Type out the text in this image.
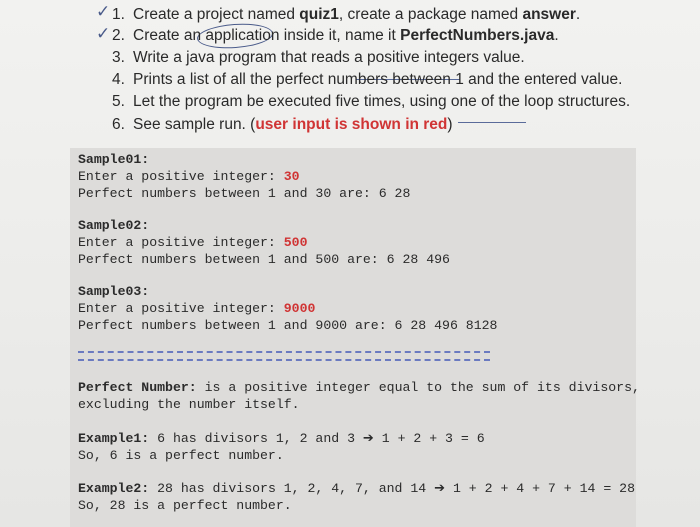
✓
✓
1. Create a project named quiz1, create a package named answer.
2. Create an application inside it, name it PerfectNumbers.java.
3. Write a java program that reads a positive integers value.
4. Prints a list of all the perfect numbers between 1 and the entered value.
5. Let the program be executed five times, using one of the loop structures.
6. See sample run. (user input is shown in red)
Sample01:
Enter a positive integer: 30
Perfect numbers between 1 and 30 are: 6 28
Sample02:
Enter a positive integer: 500
Perfect numbers between 1 and 500 are: 6 28 496
Sample03:
Enter a positive integer: 9000
Perfect numbers between 1 and 9000 are: 6 28 496 8128
Perfect Number: is a positive integer equal to the sum of its divisors,
excluding the number itself.
Example1: 6 has divisors 1, 2 and 3 ➔ 1 + 2 + 3 = 6
So, 6 is a perfect number.
Example2: 28 has divisors 1, 2, 4, 7, and 14 ➔ 1 + 2 + 4 + 7 + 14 = 28
So, 28 is a perfect number.
